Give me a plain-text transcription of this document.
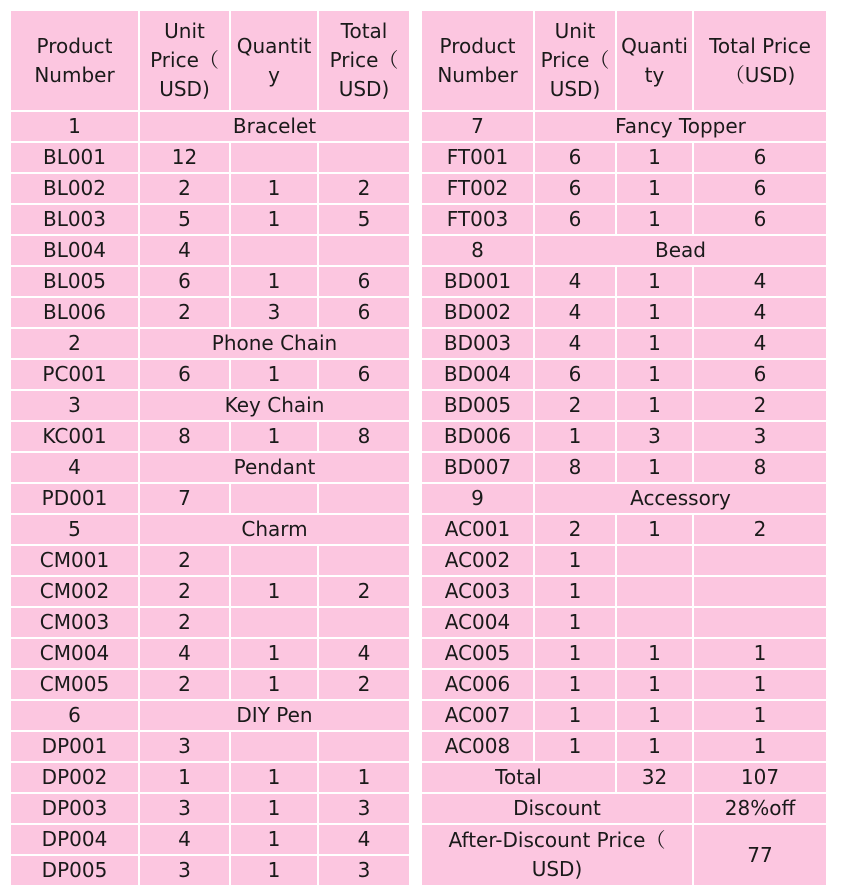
Product
Number	Unit
Price（
USD)	Quantit
y	Total
Price（
USD)

1	Bracelet		
BL001	12		
BL002	2	1	2
BL003	5	1	5
BL004	4		
BL005	6	1	6
BL006	2	3	6
2	Phone Chain		
PC001	6	1	6
3	Key Chain		
KC001	8	1	8
4	Pendant		
PD001	7		
5	Charm		
CM001	2		
CM002	2	1	2
CM003	2		
CM004	4	1	4
CM005	2	1	2
6	DIY Pen		
DP001	3		
DP002	1	1	1
DP003	3	1	3
DP004	4	1	4
DP005	3	1	3
Product
Number	Unit
Price（
USD)	Quanti
ty	Total Price
（USD)

7	Fancy Topper		
FT001	6	1	6
FT002	6	1	6
FT003	6	1	6
8	Bead		
BD001	4	1	4
BD002	4	1	4
BD003	4	1	4
BD004	6	1	6
BD005	2	1	2
BD006	1	3	3
BD007	8	1	8
9	Accessory		
AC001	2	1	2
AC002	1		
AC003	1		
AC004	1		
AC005	1	1	1
AC006	1	1	1
AC007	1	1	1
AC008	1	1	1
Total		32	107
Discount			28%off

After-Discount Price（
USD)			77
